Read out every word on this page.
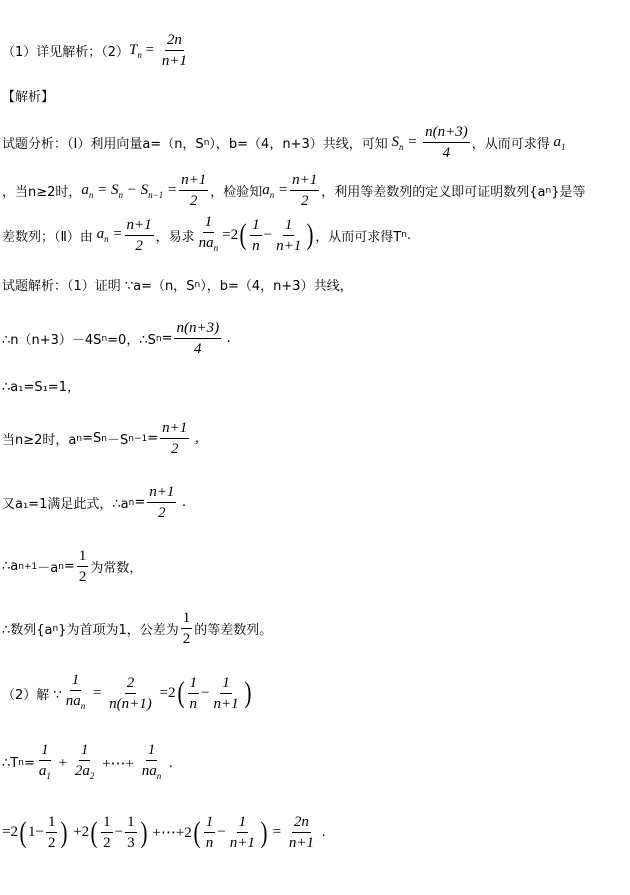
（1）详见解析；（2） $T_n = \frac{2n}{n+1}$
【解析】
试题分析：（Ⅰ）利用向量a=（n，S n ），b=（4，n+3）共线，可知 $S_n = \frac{n(n+3)}{4}$ ，从而可求得 $a_1$
，当n≥2时， $a_n = S_n - S_{n-1} = \frac{n+1}{2}$ ，检验知 $a_n = \frac{n+1}{2}$ ，利用等差数列的定义即可证明数列{a n }是等
差数列；（Ⅱ）由 $a_n = \frac{n+1}{2}$ ，易求 $\frac{1}{na_n} =2$ ( $\frac{1}{n} - \frac{1}{n+1}$ ) ，从而可求得T n .
试题解析：（1）证明 ∵a=（n，S n ），b=（4，n+3）共线，
∴n（n+3）－4S n =0，∴S $n = \frac{n(n+3)}{4}$ .
∴a₁=S₁=1，
当n≥2时，a n =S n －S $n-1 = \frac{n+1}{2}$ ,
又a₁=1满足此式，∴a $n = \frac{n+1}{2}$ .
∴a n+1 －a $n = \frac{1}{2}$ 为常数，
∴数列{a n }为首项为1，公差为 $\frac{1}{2}$ 的等差数列。
（2）解 ∵ $\frac{1}{na_n} = \frac{2}{n(n+1)} =2$ ( $\frac{1}{n} - \frac{1}{n+1}$ )
∴T $n = \frac{1}{a_1} + \frac{1}{2a_2}$ +⋯+ $\frac{1}{na_n}$ .
=2 ( $1- \frac{1}{2}$ ) +2 ( $\frac{1}{2} - \frac{1}{3}$ ) +⋯+2 ( $\frac{1}{n} - \frac{1}{n+1}$ ) = $\frac{2n}{n+1}$ .
